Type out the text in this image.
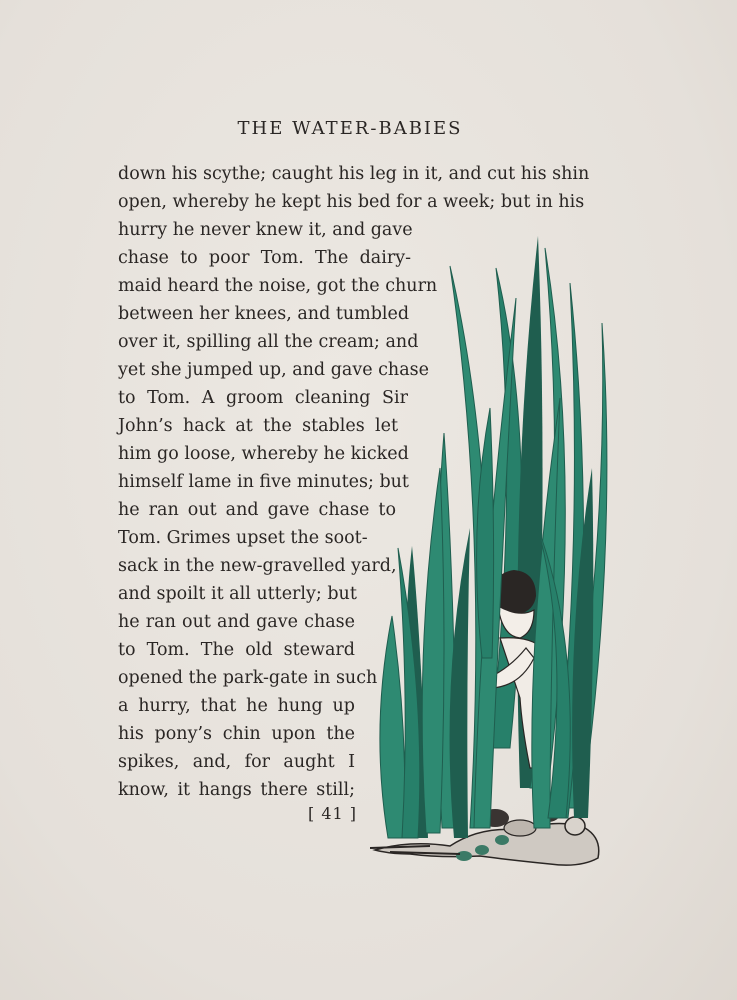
THE WATER-BABIES
down his scythe; caught his leg in it, and cut his shin
open, whereby he kept his bed for a week; but in his
hurry he never knew it, and gave
chase to poor Tom. The dairy-
maid heard the noise, got the churn
between her knees, and tumbled
over it, spilling all the cream; and
yet she jumped up, and gave chase
to Tom. A groom cleaning Sir
John’s hack at the stables let
him go loose, whereby he kicked
himself lame in five minutes; but
he ran out and gave chase to
Tom. Grimes upset the soot-
sack in the new-gravelled yard,
and spoilt it all utterly; but
he ran out and gave chase
to Tom. The old steward
opened the park-gate in such
a hurry, that he hung up
his pony’s chin upon the
spikes, and, for aught I
know, it hangs there still;
[ 41 ]
